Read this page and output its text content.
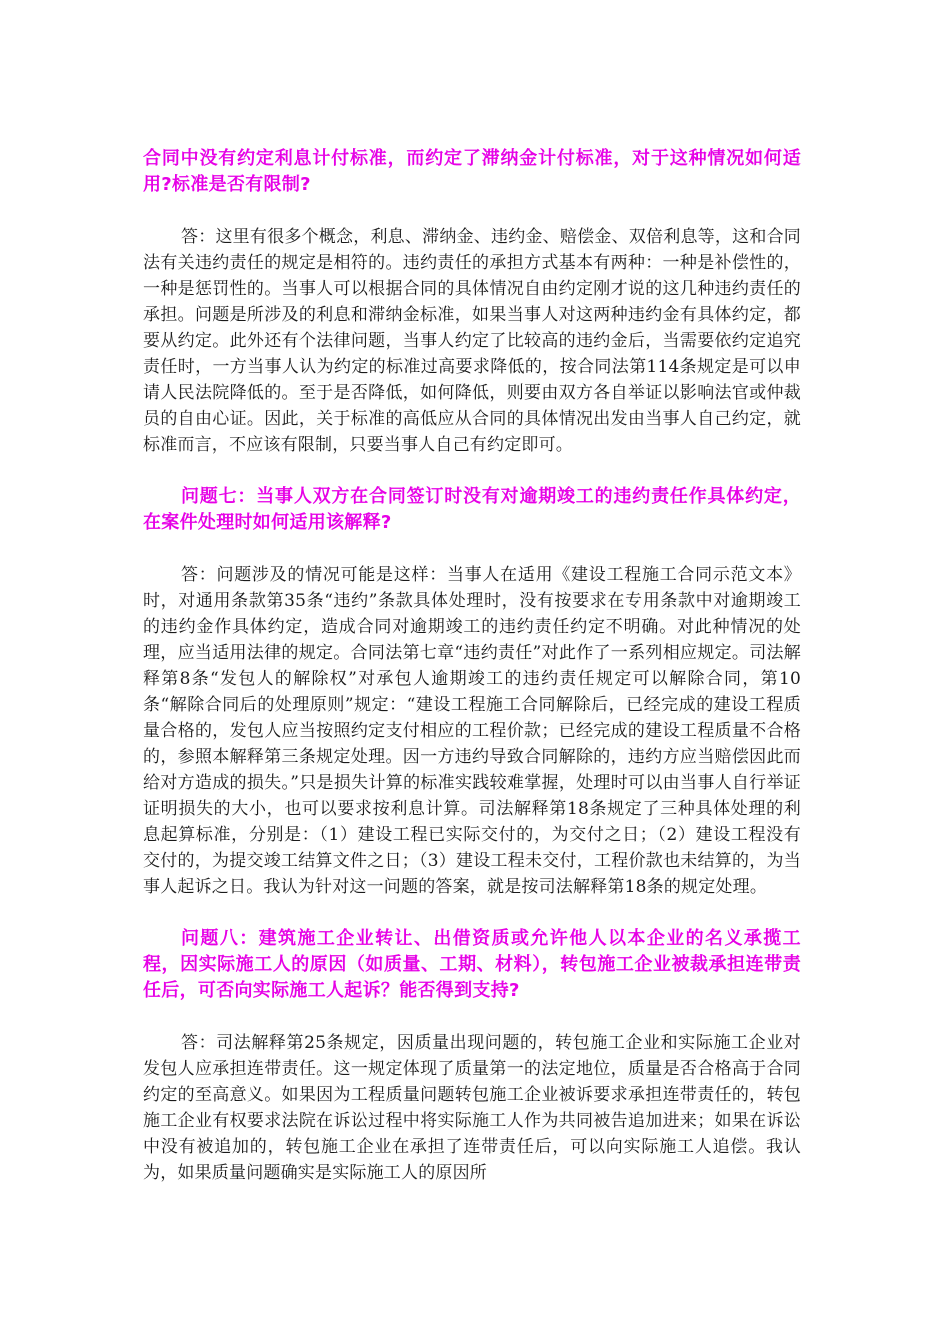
合同中没有约定利息计付标准，而约定了滞纳金计付标准，对于这种情况如何适用?标准是否有限制?

答：这里有很多个概念，利息、滞纳金、违约金、赔偿金、双倍利息等，这和合同法有关违约责任的规定是相符的。违约责任的承担方式基本有两种：一种是补偿性的，一种是惩罚性的。当事人可以根据合同的具体情况自由约定刚才说的这几种违约责任的承担。问题是所涉及的利息和滞纳金标准，如果当事人对这两种违约金有具体约定，都要从约定。此外还有个法律问题，当事人约定了比较高的违约金后，当需要依约定追究责任时，一方当事人认为约定的标准过高要求降低的，按合同法第114条规定是可以申请人民法院降低的。至于是否降低，如何降低，则要由双方各自举证以影响法官或仲裁员的自由心证。因此，关于标准的高低应从合同的具体情况出发由当事人自己约定，就标准而言，不应该有限制，只要当事人自己有约定即可。

问题七：当事人双方在合同签订时没有对逾期竣工的违约责任作具体约定，在案件处理时如何适用该解释?

答：问题涉及的情况可能是这样：当事人在适用《建设工程施工合同示范文本》时，对通用条款第35条“违约”条款具体处理时，没有按要求在专用条款中对逾期竣工的违约金作具体约定，造成合同对逾期竣工的违约责任约定不明确。对此种情况的处理，应当适用法律的规定。合同法第七章“违约责任”对此作了一系列相应规定。司法解释第8条“发包人的解除权”对承包人逾期竣工的违约责任规定可以解除合同，第10条“解除合同后的处理原则”规定：“建设工程施工合同解除后，已经完成的建设工程质量合格的，发包人应当按照约定支付相应的工程价款；已经完成的建设工程质量不合格的，参照本解释第三条规定处理。因一方违约导致合同解除的，违约方应当赔偿因此而给对方造成的损失。”只是损失计算的标准实践较难掌握，处理时可以由当事人自行举证证明损失的大小，也可以要求按利息计算。司法解释第18条规定了三种具体处理的利息起算标准，分别是：（1）建设工程已实际交付的，为交付之日；（2）建设工程没有交付的，为提交竣工结算文件之日；（3）建设工程未交付，工程价款也未结算的，为当事人起诉之日。我认为针对这一问题的答案，就是按司法解释第18条的规定处理。

问题八：建筑施工企业转让、出借资质或允许他人以本企业的名义承揽工程，因实际施工人的原因（如质量、工期、材料），转包施工企业被裁承担连带责任后，可否向实际施工人起诉？能否得到支持?

答：司法解释第25条规定，因质量出现问题的，转包施工企业和实际施工企业对发包人应承担连带责任。这一规定体现了质量第一的法定地位，质量是否合格高于合同约定的至高意义。如果因为工程质量问题转包施工企业被诉要求承担连带责任的，转包施工企业有权要求法院在诉讼过程中将实际施工人作为共同被告追加进来；如果在诉讼中没有被追加的，转包施工企业在承担了连带责任后，可以向实际施工人追偿。我认为，如果质量问题确实是实际施工人的原因所
